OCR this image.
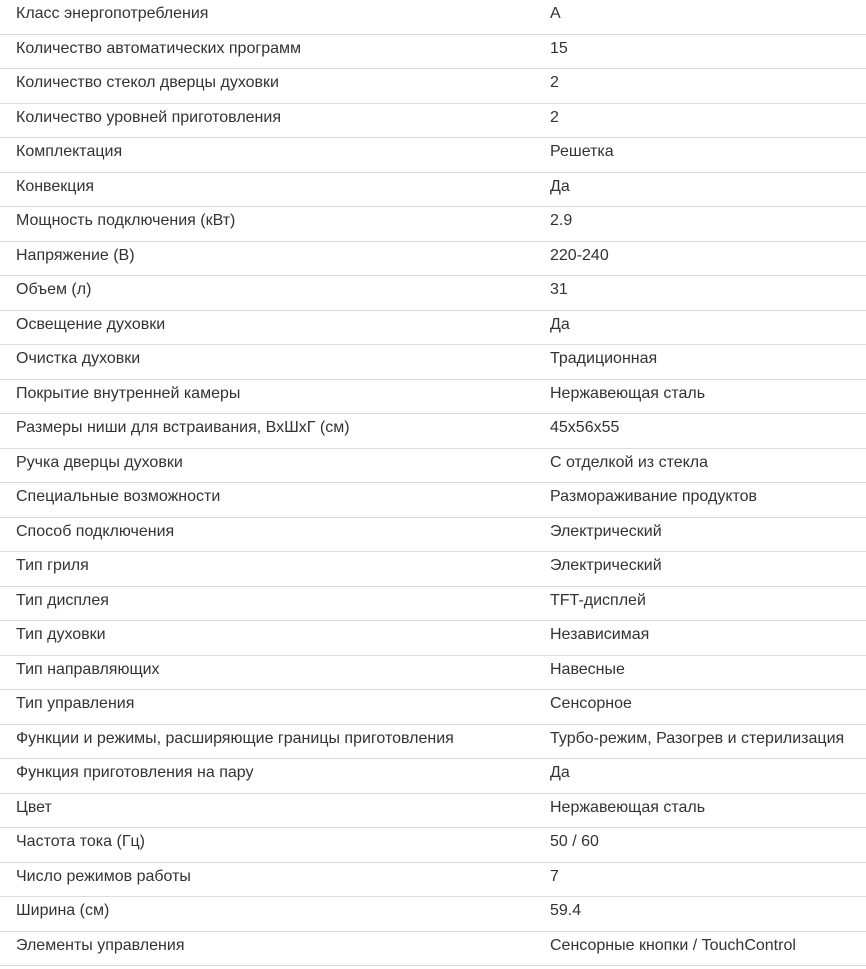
Класс энергопотребления	A
Количество автоматических программ	15
Количество стекол дверцы духовки	2
Количество уровней приготовления	2
Комплектация	Решетка
Конвекция	Да
Мощность подключения (кВт)	2.9
Напряжение (В)	220-240
Объем (л)	31
Освещение духовки	Да
Очистка духовки	Традиционная
Покрытие внутренней камеры	Нержавеющая сталь
Размеры ниши для встраивания, ВхШхГ (см)	45x56x55
Ручка дверцы духовки	С отделкой из стекла
Специальные возможности	Размораживание продуктов
Способ подключения	Электрический
Тип гриля	Электрический
Тип дисплея	TFT-дисплей
Тип духовки	Независимая
Тип направляющих	Навесные
Тип управления	Сенсорное
Функции и режимы, расширяющие границы приготовления	Турбо-режим, Разогрев и стерилизация
Функция приготовления на пару	Да
Цвет	Нержавеющая сталь
Частота тока (Гц)	50 / 60
Число режимов работы	7
Ширина (см)	59.4
Элементы управления	Сенсорные кнопки / TouchControl
